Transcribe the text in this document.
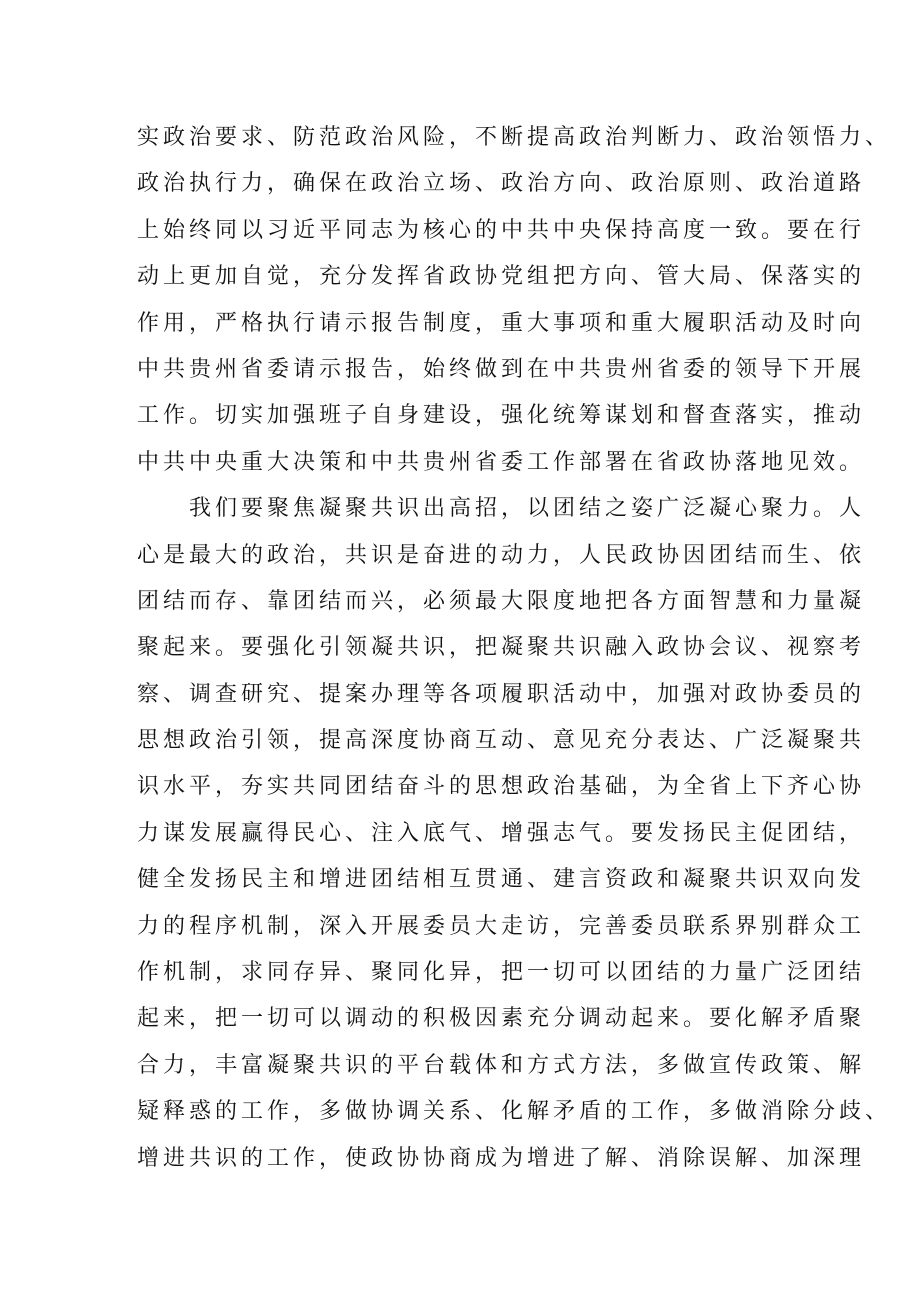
实政治要求、防范政治风险，不断提高政治判断力、政治领悟力、
政治执行力，确保在政治立场、政治方向、政治原则、政治道路
上始终同以习近平同志为核心的中共中央保持高度一致。要在行
动上更加自觉，充分发挥省政协党组把方向、管大局、保落实的
作用，严格执行请示报告制度，重大事项和重大履职活动及时向
中共贵州省委请示报告，始终做到在中共贵州省委的领导下开展
工作。切实加强班子自身建设，强化统筹谋划和督查落实，推动
中共中央重大决策和中共贵州省委工作部署在省政协落地见效。
　　我们要聚焦凝聚共识出高招，以团结之姿广泛凝心聚力。人
心是最大的政治，共识是奋进的动力，人民政协因团结而生、依
团结而存、靠团结而兴，必须最大限度地把各方面智慧和力量凝
聚起来。要强化引领凝共识，把凝聚共识融入政协会议、视察考
察、调查研究、提案办理等各项履职活动中，加强对政协委员的
思想政治引领，提高深度协商互动、意见充分表达、广泛凝聚共
识水平，夯实共同团结奋斗的思想政治基础，为全省上下齐心协
力谋发展赢得民心、注入底气、增强志气。要发扬民主促团结，
健全发扬民主和增进团结相互贯通、建言资政和凝聚共识双向发
力的程序机制，深入开展委员大走访，完善委员联系界别群众工
作机制，求同存异、聚同化异，把一切可以团结的力量广泛团结
起来，把一切可以调动的积极因素充分调动起来。要化解矛盾聚
合力，丰富凝聚共识的平台载体和方式方法，多做宣传政策、解
疑释惑的工作，多做协调关系、化解矛盾的工作，多做消除分歧、
增进共识的工作，使政协协商成为增进了解、消除误解、加深理
